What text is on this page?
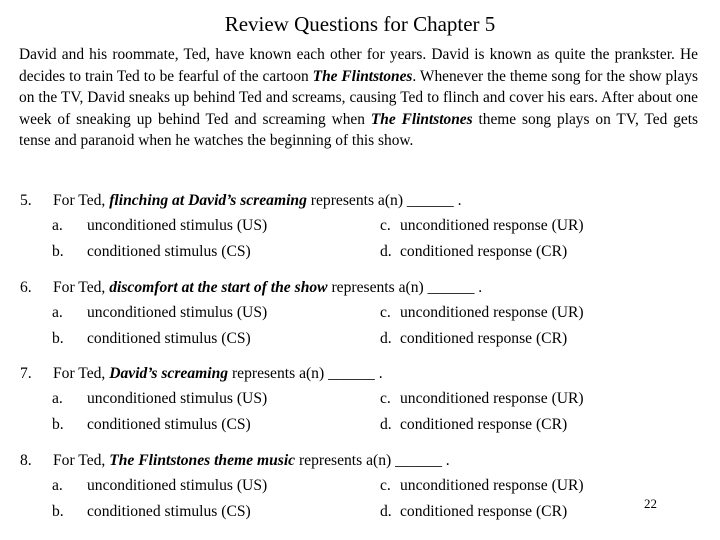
Review Questions for Chapter 5
David and his roommate, Ted, have known each other for years. David is known as quite the prankster. He decides to train Ted to be fearful of the cartoon The Flintstones. Whenever the theme song for the show plays on the TV, David sneaks up behind Ted and screams, causing Ted to flinch and cover his ears. After about one week of sneaking up behind Ted and screaming when The Flintstones theme song plays on TV, Ted gets tense and paranoid when he watches the beginning of this show.
5. For Ted, flinching at David’s screaming represents a(n) ______ .
a. unconditioned stimulus (US)
b. conditioned stimulus (CS)
c. unconditioned response (UR)
d. conditioned response (CR)
6. For Ted, discomfort at the start of the show represents a(n) ______ .
a. unconditioned stimulus (US)
b. conditioned stimulus (CS)
c. unconditioned response (UR)
d. conditioned response (CR)
7. For Ted, David’s screaming represents a(n) ______ .
a. unconditioned stimulus (US)
b. conditioned stimulus (CS)
c. unconditioned response (UR)
d. conditioned response (CR)
8. For Ted, The Flintstones theme music represents a(n) ______ .
a. unconditioned stimulus (US)
b. conditioned stimulus (CS)
c. unconditioned response (UR)
d. conditioned response (CR)	22
